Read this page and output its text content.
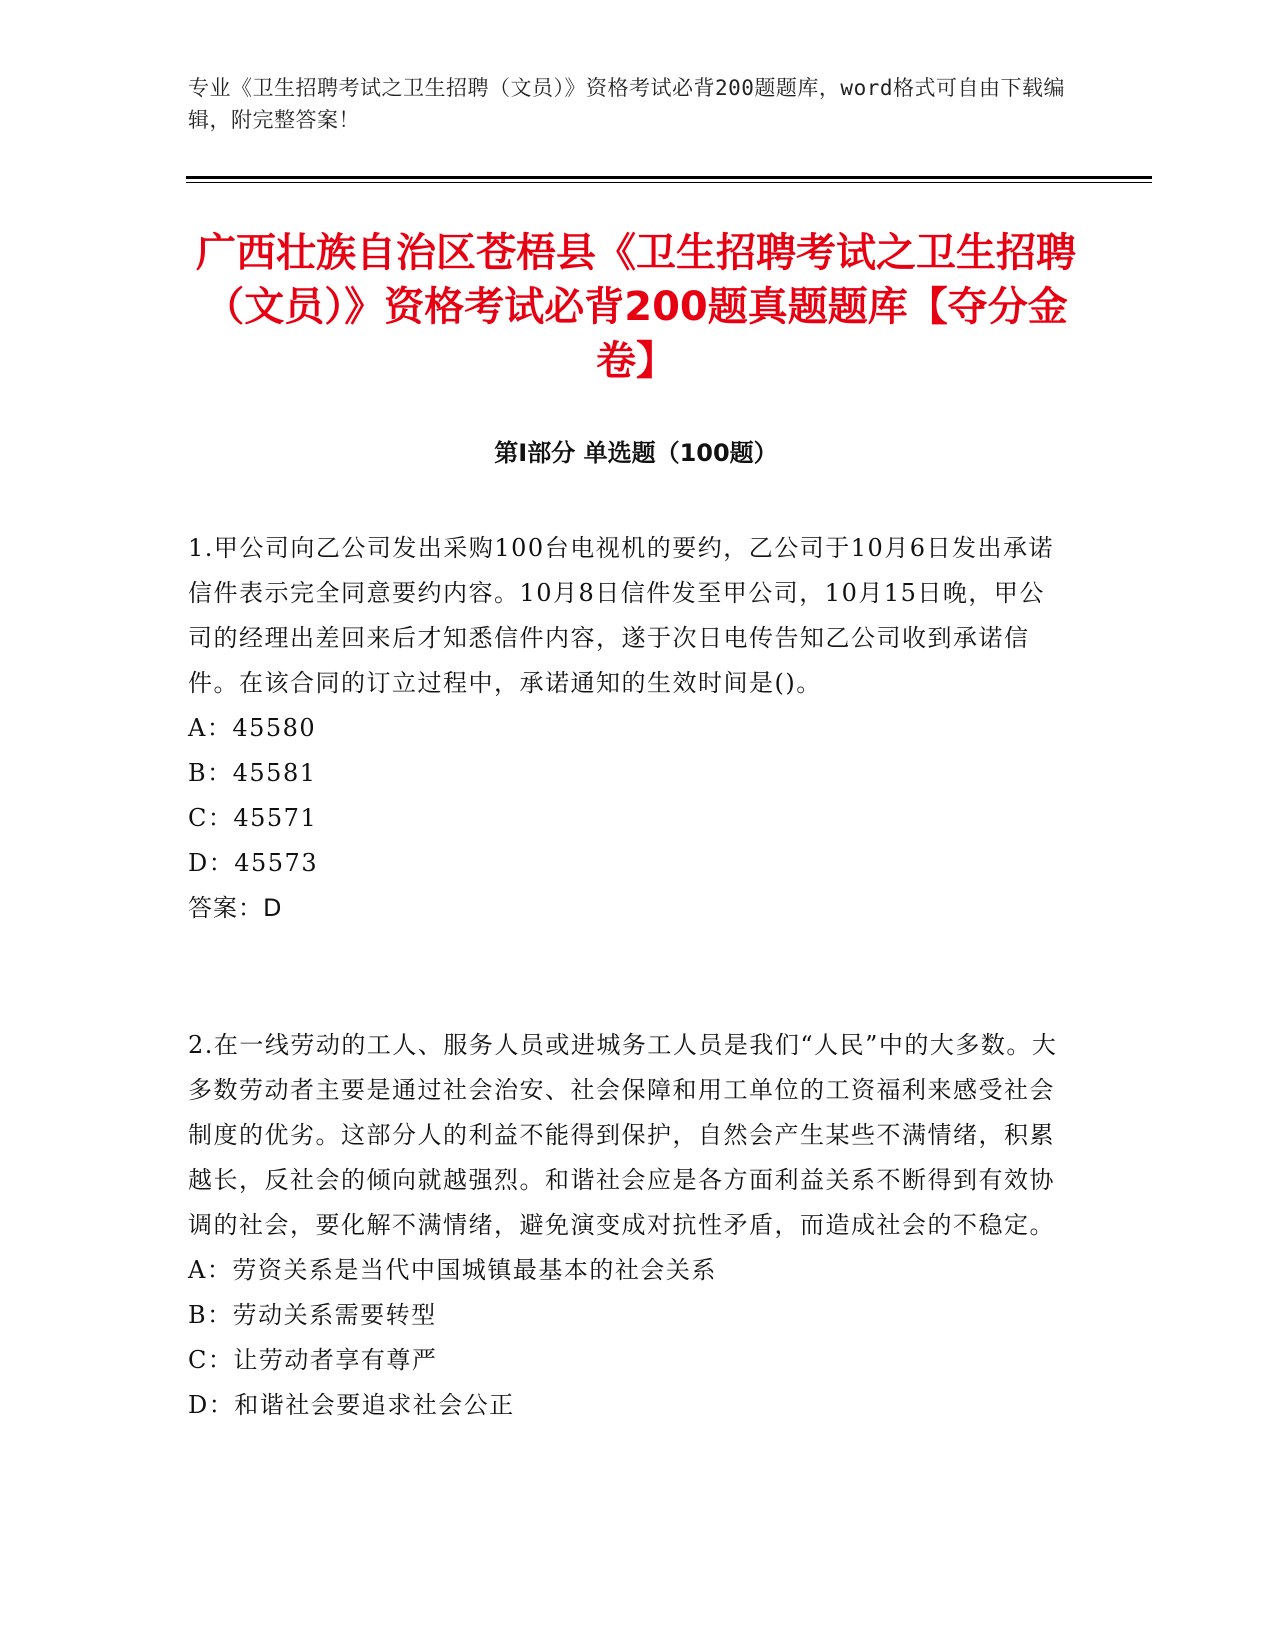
专业《卫生招聘考试之卫生招聘（文员）》资格考试必背200题题库，word格式可自由下载编辑，附完整答案！
广西壮族自治区苍梧县《卫生招聘考试之卫生招聘（文员）》资格考试必背200题真题题库【夺分金卷】
第Ⅰ部分 单选题（100题）
1.甲公司向乙公司发出采购100台电视机的要约，乙公司于10月6日发出承诺信件表示完全同意要约内容。10月8日信件发至甲公司，10月15日晚，甲公司的经理出差回来后才知悉信件内容，遂于次日电传告知乙公司收到承诺信件。在该合同的订立过程中，承诺通知的生效时间是()。
A：45580
B：45581
C：45571
D：45573
答案：D
2.在一线劳动的工人、服务人员或进城务工人员是我们“人民”中的大多数。大多数劳动者主要是通过社会治安、社会保障和用工单位的工资福利来感受社会制度的优劣。这部分人的利益不能得到保护，自然会产生某些不满情绪，积累越长，反社会的倾向就越强烈。和谐社会应是各方面利益关系不断得到有效协调的社会，要化解不满情绪，避免演变成对抗性矛盾，而造成社会的不稳定。
A：劳资关系是当代中国城镇最基本的社会关系
B：劳动关系需要转型
C：让劳动者享有尊严
D：和谐社会要追求社会公正
